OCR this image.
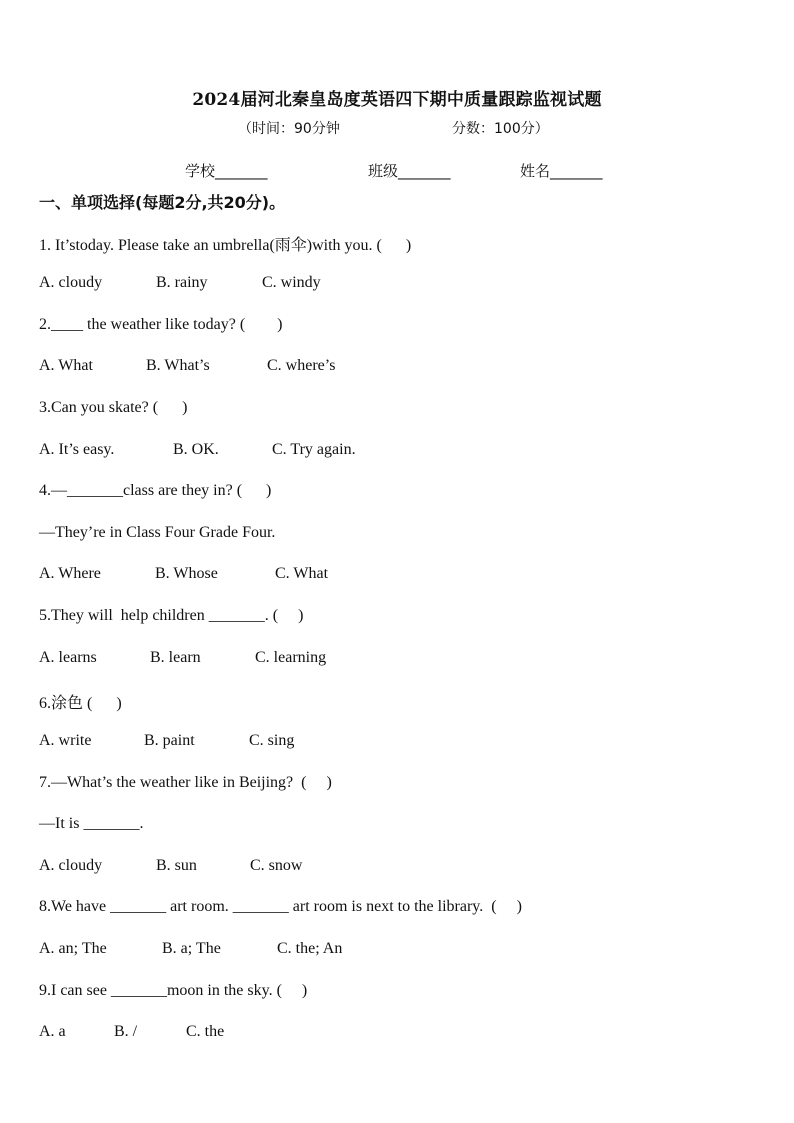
2024届河北秦皇岛度英语四下期中质量跟踪监视试题
（时间：90分钟	分数：100分）
学校_______	班级_______	姓名_______
一、单项选择(每题2分,共20分)。
1. It’stoday. Please take an umbrella(雨伞)with you. (      )
A. cloudy	B. rainy	C. windy
2.____ the weather like today? (        )
A. What	B. What’s	C. where’s
3.Can you skate? (      )
A. It’s easy.	B. OK.	C. Try again.
4.—_______class are they in? (      )
—They’re in Class Four Grade Four.
A. Where	B. Whose	C. What
5.They will  help children _______. (     )
A. learns	B. learn	C. learning
6.涂色 (      )
A. write	B. paint	C. sing
7.—What’s the weather like in Beijing?  (     )
—It is _______.
A. cloudy	B. sun	C. snow
8.We have _______ art room. _______ art room is next to the library.  (     )
A. an; The	B. a; The	C. the; An
9.I can see _______moon in the sky. (     )
A. a	B. /	C. the
